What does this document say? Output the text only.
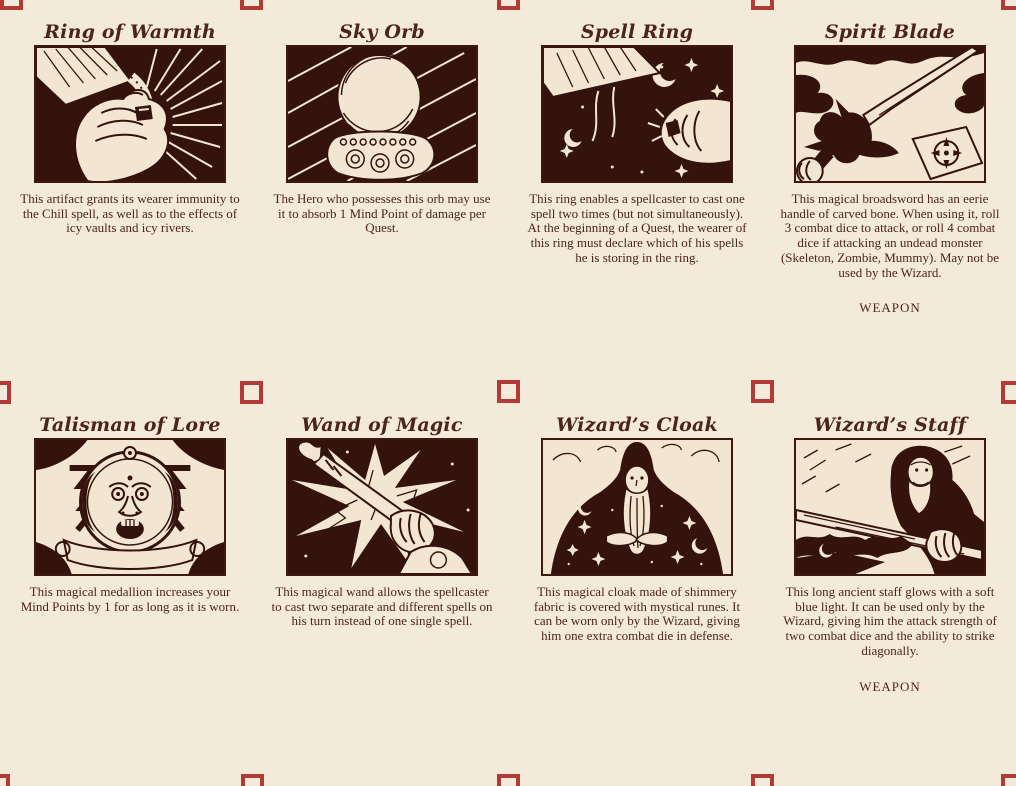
Ring of Warmth

This artifact grants its wearer immunity to the Chill spell, as well as to the effects of icy vaults and icy rivers.

Sky Orb

The Hero who possesses this orb may use it to absorb 1 Mind Point of damage per Quest.

Spell Ring

This ring enables a spellcaster to cast one spell two times (but not simultaneously). At the beginning of a Quest, the wearer of this ring must declare which of his spells he is storing in the ring.

Spirit Blade

This magical broadsword has an eerie handle of carved bone. When using it, roll 3 combat dice to attack, or roll 4 combat dice if attacking an undead monster (Skeleton, Zombie, Mummy). May not be used by the Wizard.

WEAPON

Talisman of Lore

This magical medallion increases your Mind Points by 1 for as long as it is worn.

Wand of Magic

This magical wand allows the spellcaster to cast two separate and different spells on his turn instead of one single spell.

Wizard’s Cloak

This magical cloak made of shimmery fabric is covered with mystical runes. It can be worn only by the Wizard, giving him one extra combat die in defense.

Wizard’s Staff

This long ancient staff glows with a soft blue light. It can be used only by the Wizard, giving him the attack strength of two combat dice and the ability to strike diagonally.

WEAPON
